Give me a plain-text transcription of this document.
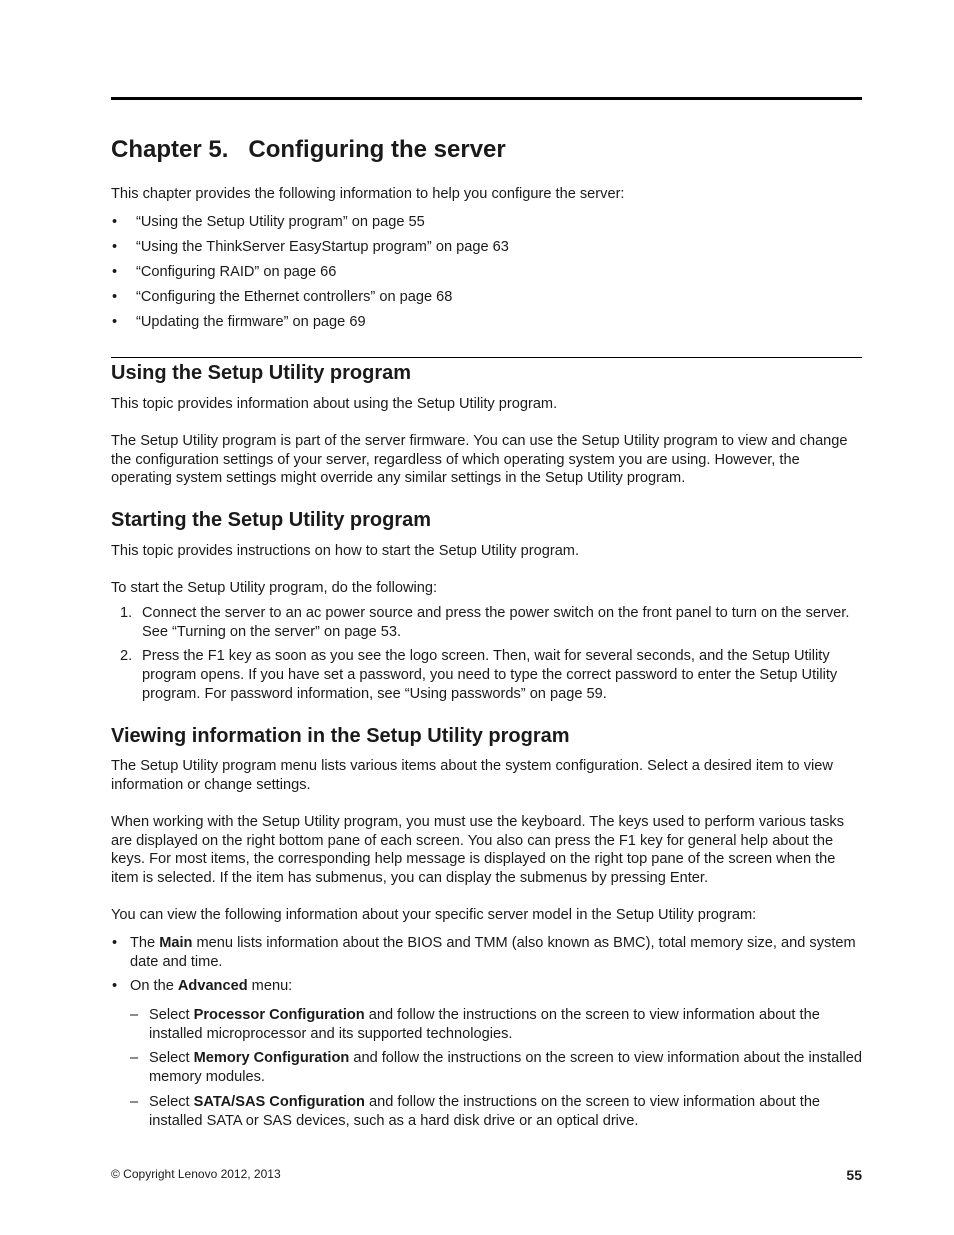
Chapter 5. Configuring the server

This chapter provides the following information to help you configure the server:

• “Using the Setup Utility program” on page 55
• “Using the ThinkServer EasyStartup program” on page 63
• “Configuring RAID” on page 66
• “Configuring the Ethernet controllers” on page 68
• “Updating the firmware” on page 69
Using the Setup Utility program

This topic provides information about using the Setup Utility program.

The Setup Utility program is part of the server firmware. You can use the Setup Utility program to view and change the configuration settings of your server, regardless of which operating system you are using. However, the operating system settings might override any similar settings in the Setup Utility program.

Starting the Setup Utility program

This topic provides instructions on how to start the Setup Utility program.

To start the Setup Utility program, do the following:

1. Connect the server to an ac power source and press the power switch on the front panel to turn on the server. See “Turning on the server” on page 53.
2. Press the F1 key as soon as you see the logo screen. Then, wait for several seconds, and the Setup Utility program opens. If you have set a password, you need to type the correct password to enter the Setup Utility program. For password information, see “Using passwords” on page 59.
Viewing information in the Setup Utility program

The Setup Utility program menu lists various items about the system configuration. Select a desired item to view information or change settings.

When working with the Setup Utility program, you must use the keyboard. The keys used to perform various tasks are displayed on the right bottom pane of each screen. You also can press the F1 key for general help about the keys. For most items, the corresponding help message is displayed on the right top pane of the screen when the item is selected. If the item has submenus, you can display the submenus by pressing Enter.

You can view the following information about your specific server model in the Setup Utility program:

• The Main menu lists information about the BIOS and TMM (also known as BMC), total memory size, and system date and time.
• On the Advanced menu:
– Select Processor Configuration and follow the instructions on the screen to view information about the installed microprocessor and its supported technologies.
– Select Memory Configuration and follow the instructions on the screen to view information about the installed memory modules.
– Select SATA/SAS Configuration and follow the instructions on the screen to view information about the installed SATA or SAS devices, such as a hard disk drive or an optical drive.
© Copyright Lenovo 2012, 2013	55
